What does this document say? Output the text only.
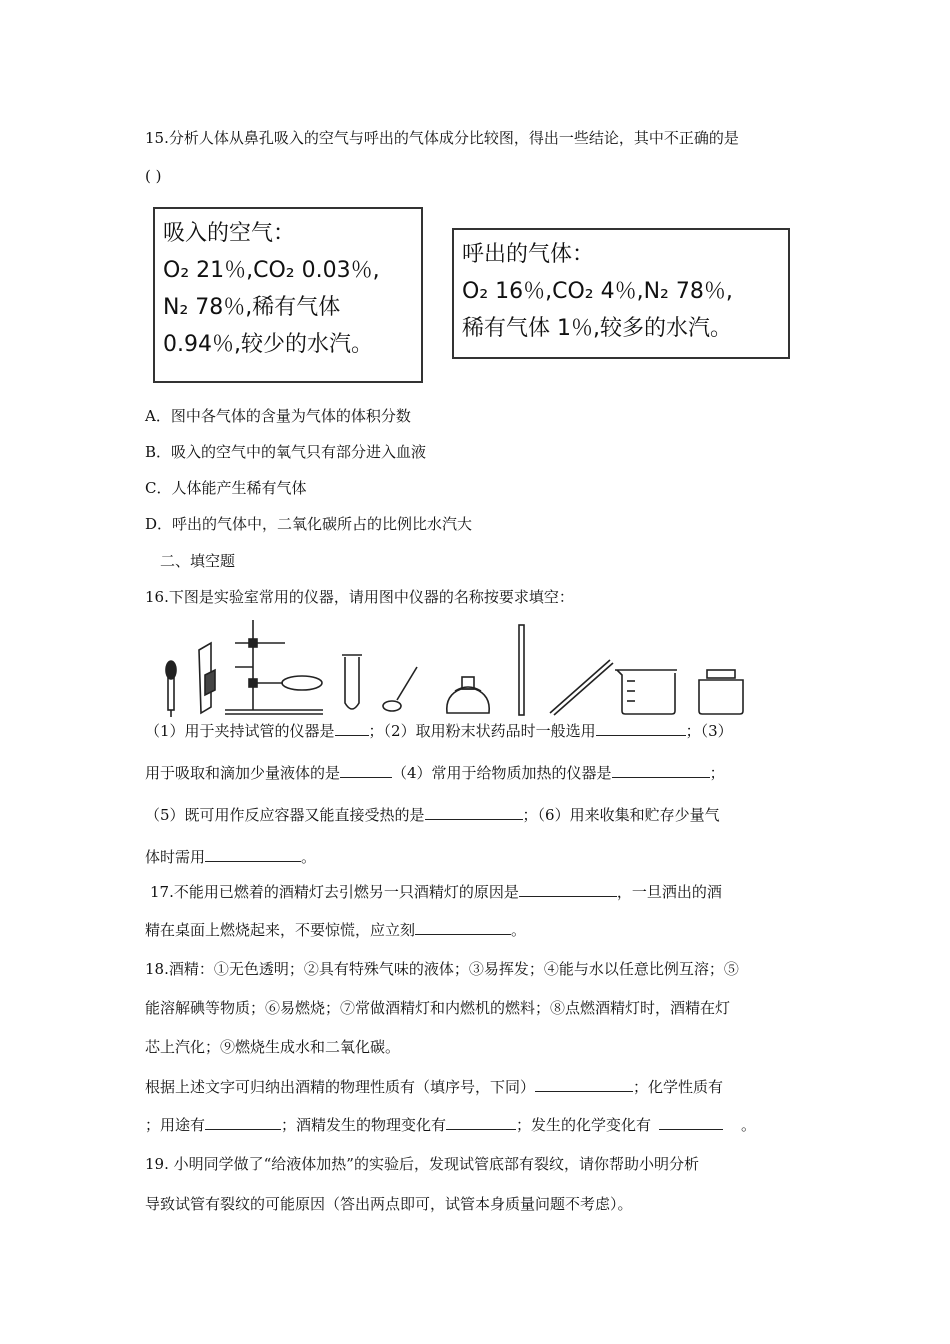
15.分析人体从鼻孔吸入的空气与呼出的气体成分比较图，得出一些结论，其中不正确的是
( )
吸入的空气：
O₂ 21％,CO₂ 0.03％,
N₂ 78％,稀有气体
0.94％,较少的水汽。
呼出的气体：
O₂ 16％,CO₂ 4％,N₂ 78％,
稀有气体 1％,较多的水汽。
A．图中各气体的含量为气体的体积分数
B．吸入的空气中的氧气只有部分进入血液
C．人体能产生稀有气体
D．呼出的气体中，二氧化碳所占的比例比水汽大
二、填空题
16.下图是实验室常用的仪器，请用图中仪器的名称按要求填空：
（1）用于夹持试管的仪器是 ；（2）取用粉末状药品时一般选用	；（3）
用于吸取和滴加少量液体的是	（4）常用于给物质加热的仪器是	；
（5）既可用作反应容器又能直接受热的是	；（6）用来收集和贮存少量气
体时需用	。
17.不能用已燃着的酒精灯去引燃另一只酒精灯的原因是	，一旦洒出的酒
精在桌面上燃烧起来，不要惊慌，应立刻	。
18.酒精：①无色透明；②具有特殊气味的液体；③易挥发；④能与水以任意比例互溶；⑤
能溶解碘等物质；⑥易燃烧；⑦常做酒精灯和内燃机的燃料；⑧点燃酒精灯时，酒精在灯
芯上汽化；⑨燃烧生成水和二氧化碳。
根据上述文字可归纳出酒精的物理性质有（填序号，下同）	；化学性质有
；用途有	；酒精发生的物理变化有	；发生的化学变化有	。
19. 小明同学做了“给液体加热”的实验后，发现试管底部有裂纹，请你帮助小明分析
导致试管有裂纹的可能原因（答出两点即可，试管本身质量问题不考虑）。
